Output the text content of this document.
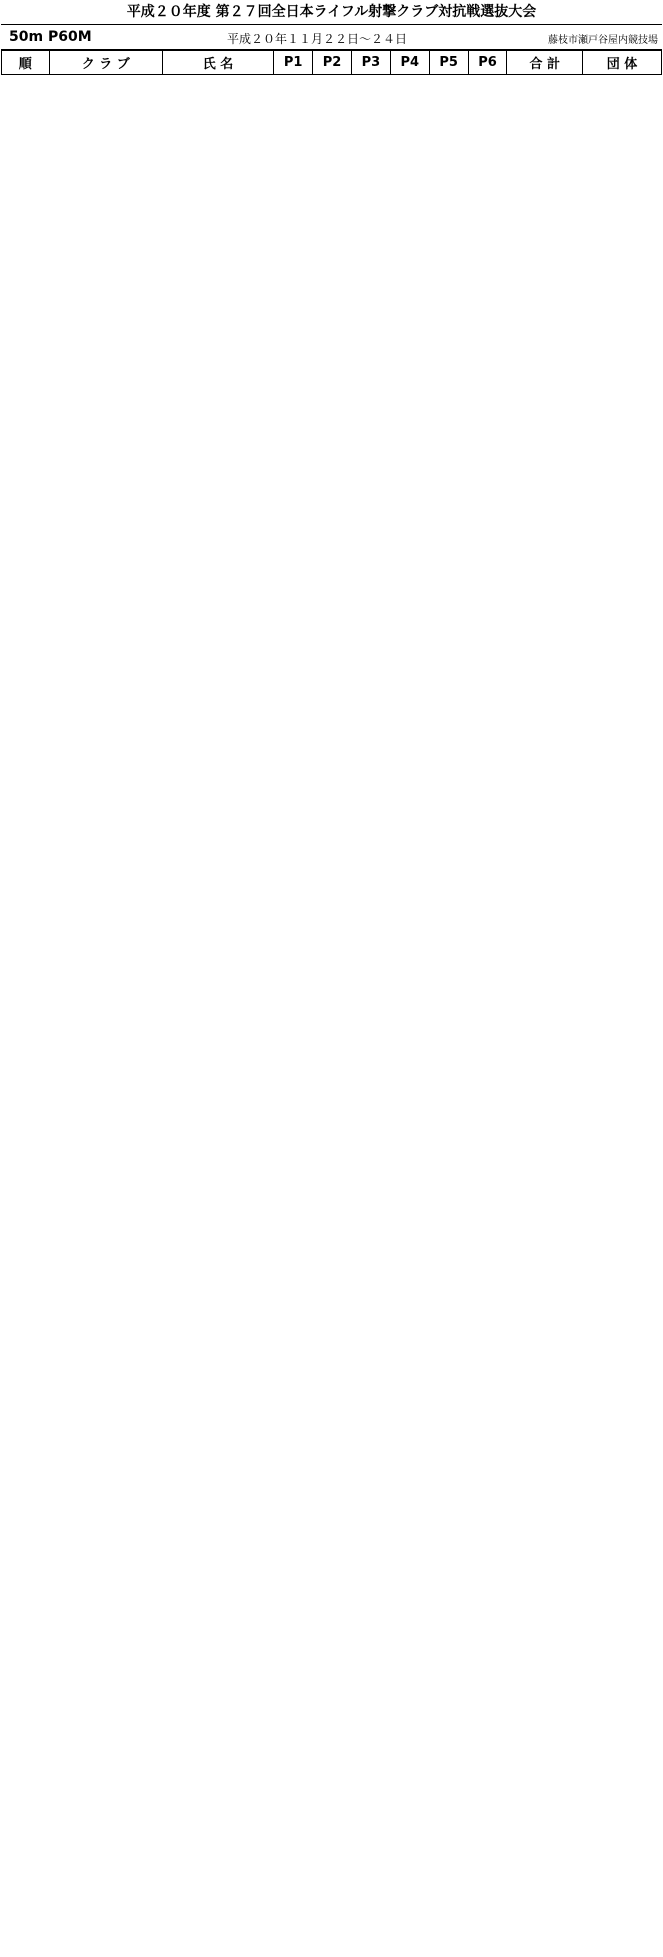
平成２０年度 第２７回全日本ライフル射撃クラブ対抗戦選抜大会
50m P60M	平成２０年１１月２２日～２４日	藤枝市瀬戸谷屋内競技場
順	ク ラ ブ	氏 名	P1	P2	P3	P4	P5	P6	合 計	団 体
